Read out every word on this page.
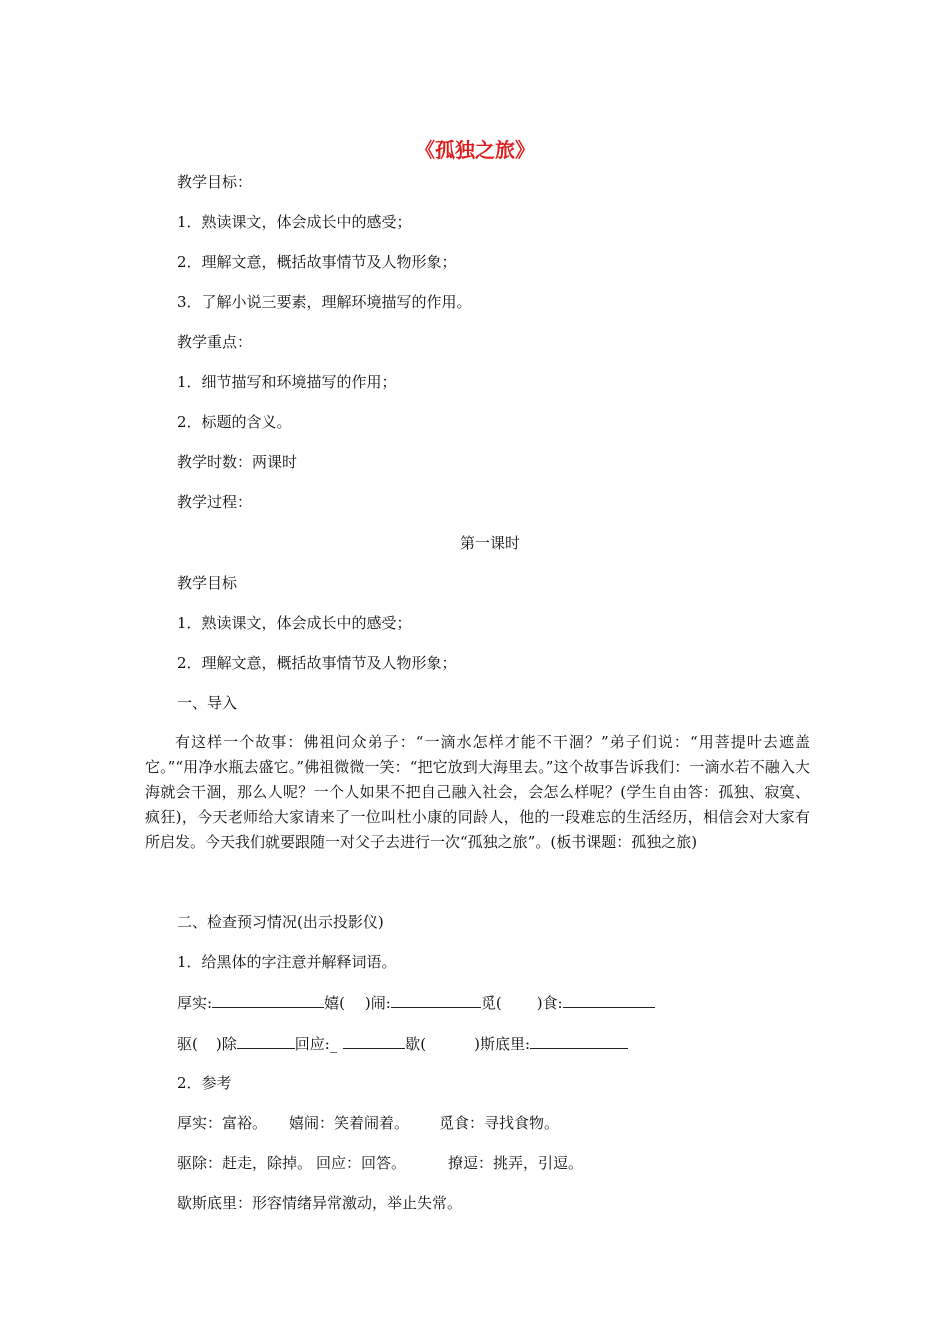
《孤独之旅》
教学目标：
1．熟读课文，体会成长中的感受；
2．理解文意，概括故事情节及人物形象；
3．了解小说三要素，理解环境描写的作用。
教学重点：
1．细节描写和环境描写的作用；
2．标题的含义。
教学时数：两课时
教学过程：
第一课时
教学目标
1．熟读课文，体会成长中的感受；
2．理解文意，概括故事情节及人物形象；
一、导入
有这样一个故事：佛祖问众弟子：“一滴水怎样才能不干涸？”弟子们说：“用菩提叶去遮盖它。”“用净水瓶去盛它。”佛祖微微一笑：“把它放到大海里去。”这个故事告诉我们：一滴水若不融入大海就会干涸，那么人呢？一个人如果不把自己融入社会，会怎么样呢？(学生自由答：孤独、寂寞、疯狂)，今天老师给大家请来了一位叫杜小康的同龄人，他的一段难忘的生活经历，相信会对大家有所启发。今天我们就要跟随一对父子去进行一次“孤独之旅”。(板书课题：孤独之旅)
二、检查预习情况(出示投影仪)
1．给黑体的字注意并解释词语。
厚实:	嬉( )闹:	觅( )食:
驱( )除	回应:_	歇(	)斯底里:
2．参考
厚实：富裕。 嬉闹：笑着闹着。 觅食：寻找食物。
驱除：赶走，除掉。 回应：回答。	撩逗：挑弄，引逗。
歇斯底里：形容情绪异常激动，举止失常。
